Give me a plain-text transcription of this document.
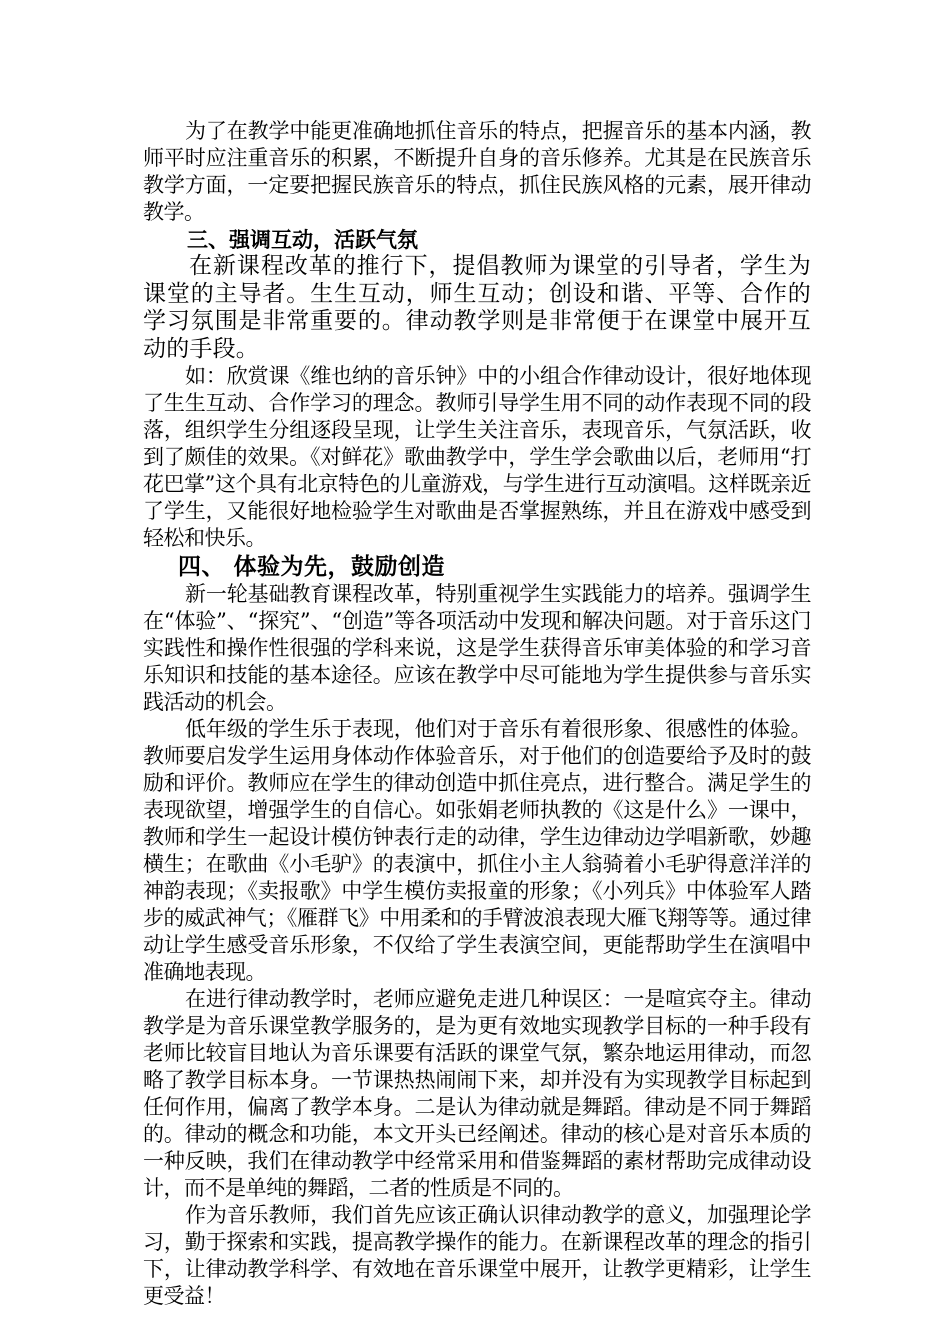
为了在教学中能更准确地抓住音乐的特点，把握音乐的基本内涵，教师平时应注重音乐的积累，不断提升自身的音乐修养。尤其是在民族音乐教学方面，一定要把握民族音乐的特点，抓住民族风格的元素，展开律动教学。

三、强调互动，活跃气氛

在新课程改革的推行下，提倡教师为课堂的引导者，学生为课堂的主导者。生生互动，师生互动；创设和谐、平等、合作的学习氛围是非常重要的。律动教学则是非常便于在课堂中展开互动的手段。

如：欣赏课《维也纳的音乐钟》中的小组合作律动设计，很好地体现了生生互动、合作学习的理念。教师引导学生用不同的动作表现不同的段落，组织学生分组逐段呈现，让学生关注音乐，表现音乐，气氛活跃，收到了颇佳的效果。《对鲜花》歌曲教学中，学生学会歌曲以后，老师用“打花巴掌”这个具有北京特色的儿童游戏，与学生进行互动演唱。这样既亲近了学生，又能很好地检验学生对歌曲是否掌握熟练，并且在游戏中感受到轻松和快乐。

四、 体验为先，鼓励创造

新一轮基础教育课程改革，特别重视学生实践能力的培养。强调学生在“体验”、“探究”、“创造”等各项活动中发现和解决问题。对于音乐这门实践性和操作性很强的学科来说，这是学生获得音乐审美体验的和学习音乐知识和技能的基本途径。应该在教学中尽可能地为学生提供参与音乐实践活动的机会。

低年级的学生乐于表现，他们对于音乐有着很形象、很感性的体验。教师要启发学生运用身体动作体验音乐，对于他们的创造要给予及时的鼓励和评价。教师应在学生的律动创造中抓住亮点，进行整合。满足学生的表现欲望，增强学生的自信心。如张娟老师执教的《这是什么》一课中，教师和学生一起设计模仿钟表行走的动律，学生边律动边学唱新歌，妙趣横生；在歌曲《小毛驴》的表演中，抓住小主人翁骑着小毛驴得意洋洋的神韵表现；《卖报歌》中学生模仿卖报童的形象；《小列兵》中体验军人踏步的威武神气；《雁群飞》中用柔和的手臂波浪表现大雁飞翔等等。通过律动让学生感受音乐形象，不仅给了学生表演空间，更能帮助学生在演唱中准确地表现。

在进行律动教学时，老师应避免走进几种误区：一是喧宾夺主。律动教学是为音乐课堂教学服务的，是为更有效地实现教学目标的一种手段有老师比较盲目地认为音乐课要有活跃的课堂气氛，繁杂地运用律动，而忽略了教学目标本身。一节课热热闹闹下来，却并没有为实现教学目标起到任何作用，偏离了教学本身。二是认为律动就是舞蹈。律动是不同于舞蹈的。律动的概念和功能，本文开头已经阐述。律动的核心是对音乐本质的一种反映，我们在律动教学中经常采用和借鉴舞蹈的素材帮助完成律动设计，而不是单纯的舞蹈，二者的性质是不同的。

作为音乐教师，我们首先应该正确认识律动教学的意义，加强理论学习，勤于探索和实践，提高教学操作的能力。在新课程改革的理念的指引下，让律动教学科学、有效地在音乐课堂中展开，让教学更精彩，让学生更受益！
